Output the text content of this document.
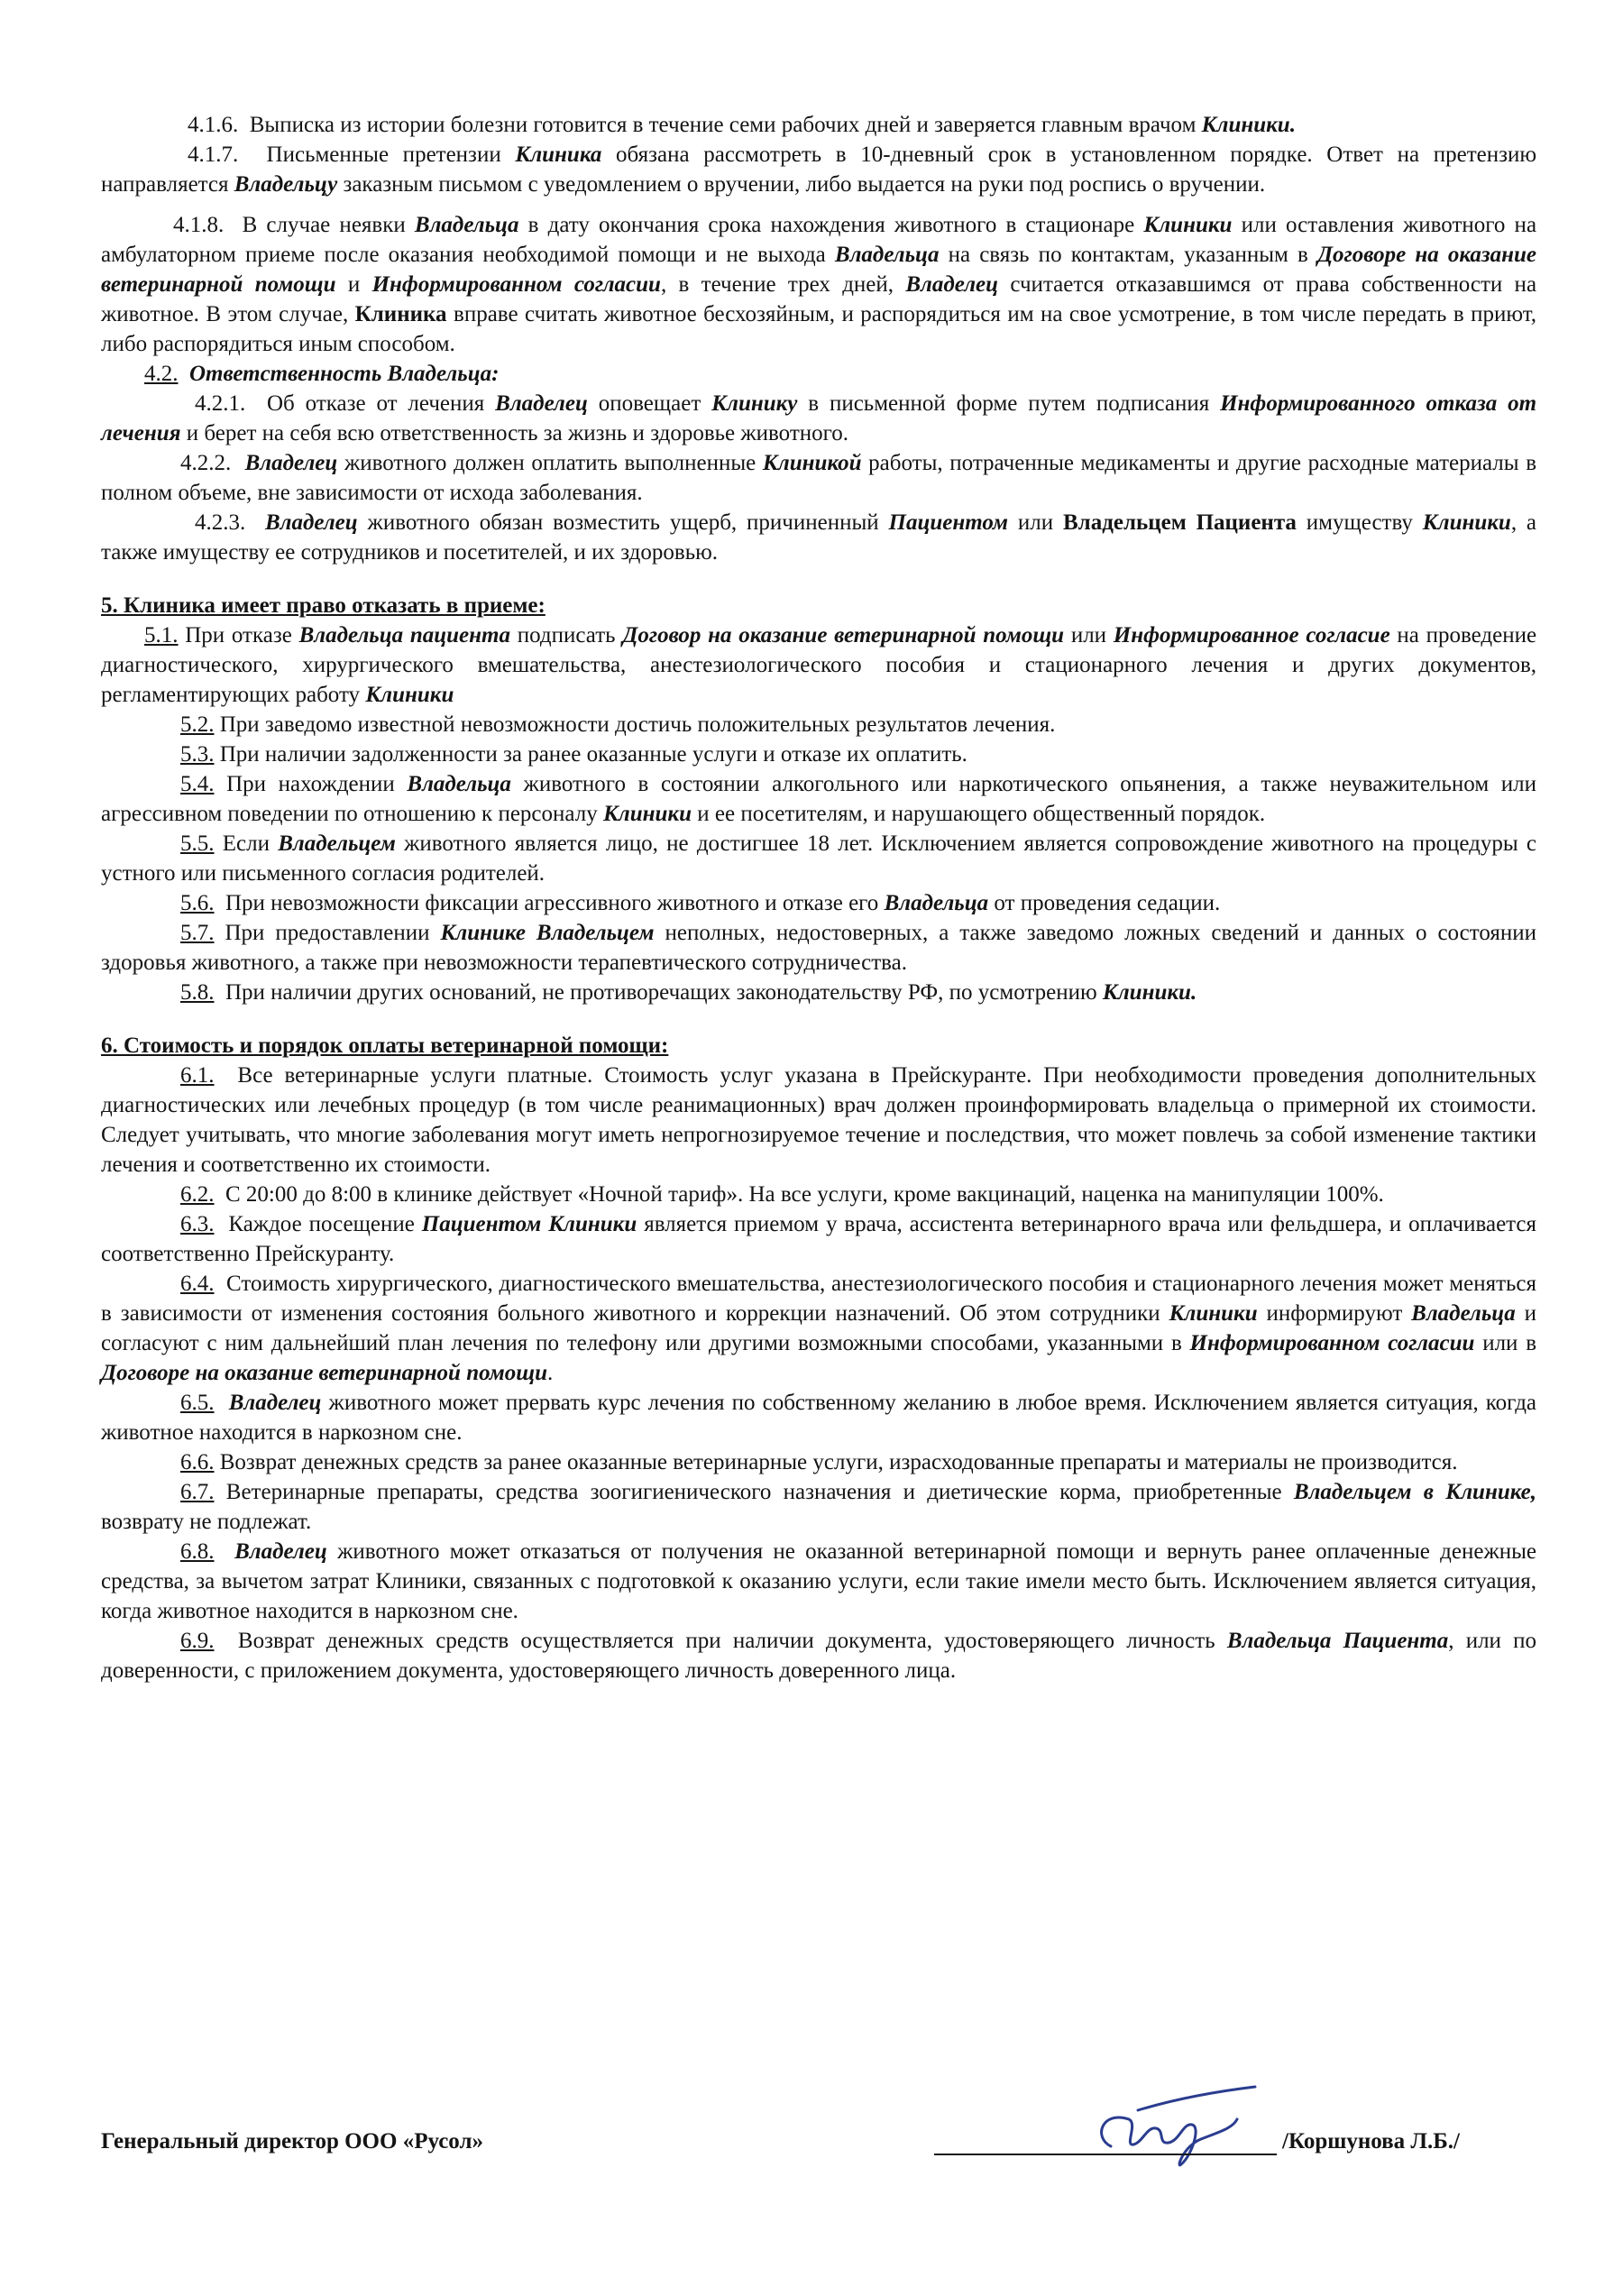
4.1.6. Выписка из истории болезни готовится в течение семи рабочих дней и заверяется главным врачом Клиники.

4.1.7. Письменные претензии Клиника обязана рассмотреть в 10-дневный срок в установленном порядке. Ответ на претензию направляется Владельцу заказным письмом с уведомлением о вручении, либо выдается на руки под роспись о вручении.

4.1.8. В случае неявки Владельца в дату окончания срока нахождения животного в стационаре Клиники или оставления животного на амбулаторном приеме после оказания необходимой помощи и не выхода Владельца на связь по контактам, указанным в Договоре на оказание ветеринарной помощи и Информированном согласии, в течение трех дней, Владелец считается отказавшимся от права собственности на животное. В этом случае, Клиника вправе считать животное бесхозяйным, и распорядиться им на свое усмотрение, в том числе передать в приют, либо распорядиться иным способом.

4.2. Ответственность Владельца:

4.2.1. Об отказе от лечения Владелец оповещает Клинику в письменной форме путем подписания Информированного отказа от лечения и берет на себя всю ответственность за жизнь и здоровье животного.

4.2.2. Владелец животного должен оплатить выполненные Клиникой работы, потраченные медикаменты и другие расходные материалы в полном объеме, вне зависимости от исхода заболевания.

4.2.3. Владелец животного обязан возместить ущерб, причиненный Пациентом или Владельцем Пациента имуществу Клиники, а также имуществу ее сотрудников и посетителей, и их здоровью.

5. Клиника имеет право отказать в приеме:

5.1. При отказе Владельца пациента подписать Договор на оказание ветеринарной помощи или Информированное согласие на проведение диагностического, хирургического вмешательства, анестезиологического пособия и стационарного лечения и других документов, регламентирующих работу Клиники

5.2. При заведомо известной невозможности достичь положительных результатов лечения.

5.3. При наличии задолженности за ранее оказанные услуги и отказе их оплатить.

5.4. При нахождении Владельца животного в состоянии алкогольного или наркотического опьянения, а также неуважительном или агрессивном поведении по отношению к персоналу Клиники и ее посетителям, и нарушающего общественный порядок.

5.5. Если Владельцем животного является лицо, не достигшее 18 лет. Исключением является сопровождение животного на процедуры с устного или письменного согласия родителей.

5.6. При невозможности фиксации агрессивного животного и отказе его Владельца от проведения седации.

5.7. При предоставлении Клинике Владельцем неполных, недостоверных, а также заведомо ложных сведений и данных о состоянии здоровья животного, а также при невозможности терапевтического сотрудничества.

5.8. При наличии других оснований, не противоречащих законодательству РФ, по усмотрению Клиники.

6. Стоимость и порядок оплаты ветеринарной помощи:

6.1. Все ветеринарные услуги платные. Стоимость услуг указана в Прейскуранте. При необходимости проведения дополнительных диагностических или лечебных процедур (в том числе реанимационных) врач должен проинформировать владельца о примерной их стоимости. Следует учитывать, что многие заболевания могут иметь непрогнозируемое течение и последствия, что может повлечь за собой изменение тактики лечения и соответственно их стоимости.

6.2. С 20:00 до 8:00 в клинике действует «Ночной тариф». На все услуги, кроме вакцинаций, наценка на манипуляции 100%.

6.3. Каждое посещение Пациентом Клиники является приемом у врача, ассистента ветеринарного врача или фельдшера, и оплачивается соответственно Прейскуранту.

6.4. Стоимость хирургического, диагностического вмешательства, анестезиологического пособия и стационарного лечения может меняться в зависимости от изменения состояния больного животного и коррекции назначений. Об этом сотрудники Клиники информируют Владельца и согласуют с ним дальнейший план лечения по телефону или другими возможными способами, указанными в Информированном согласии или в Договоре на оказание ветеринарной помощи.

6.5. Владелец животного может прервать курс лечения по собственному желанию в любое время. Исключением является ситуация, когда животное находится в наркозном сне.

6.6. Возврат денежных средств за ранее оказанные ветеринарные услуги, израсходованные препараты и материалы не производится.

6.7. Ветеринарные препараты, средства зоогигиенического назначения и диетические корма, приобретенные Владельцем в Клинике, возврату не подлежат.

6.8. Владелец животного может отказаться от получения не оказанной ветеринарной помощи и вернуть ранее оплаченные денежные средства, за вычетом затрат Клиники, связанных с подготовкой к оказанию услуги, если такие имели место быть. Исключением является ситуация, когда животное находится в наркозном сне.

6.9. Возврат денежных средств осуществляется при наличии документа, удостоверяющего личность Владельца Пациента, или по доверенности, с приложением документа, удостоверяющего личность доверенного лица.

Генеральный директор ООО «Русол»	/Коршунова Л.Б./
